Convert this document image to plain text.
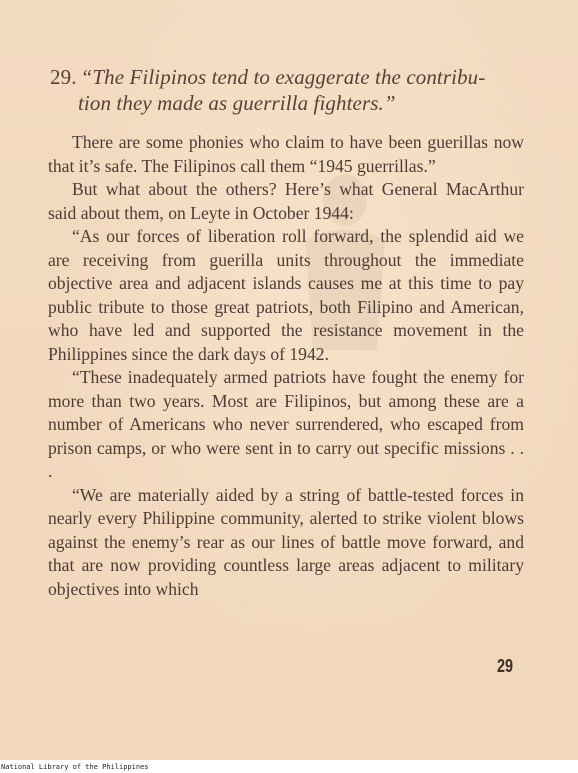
29. “The Filipinos tend to exaggerate the contribu-
tion they made as guerrilla fighters.”

There are some phonies who claim to have been guerillas now that it’s safe. The Filipinos call them “1945 guerrillas.”

But what about the others? Here’s what General MacArthur said about them, on Leyte in October 1944:

“As our forces of liberation roll forward, the splendid aid we are receiving from guerilla units throughout the immediate objective area and adjacent islands causes me at this time to pay public tribute to those great patriots, both Filipino and American, who have led and supported the resistance movement in the Philippines since the dark days of 1942.

“These inadequately armed patriots have fought the enemy for more than two years. Most are Filipinos, but among these are a number of Americans who never surrendered, who escaped from prison camps, or who were sent in to carry out specific missions . . .

“We are materially aided by a string of battle-tested forces in nearly every Philippine community, alerted to strike violent blows against the enemy’s rear as our lines of battle move forward, and that are now providing countless large areas adjacent to military objectives into which

29
National Library of the Philippines
